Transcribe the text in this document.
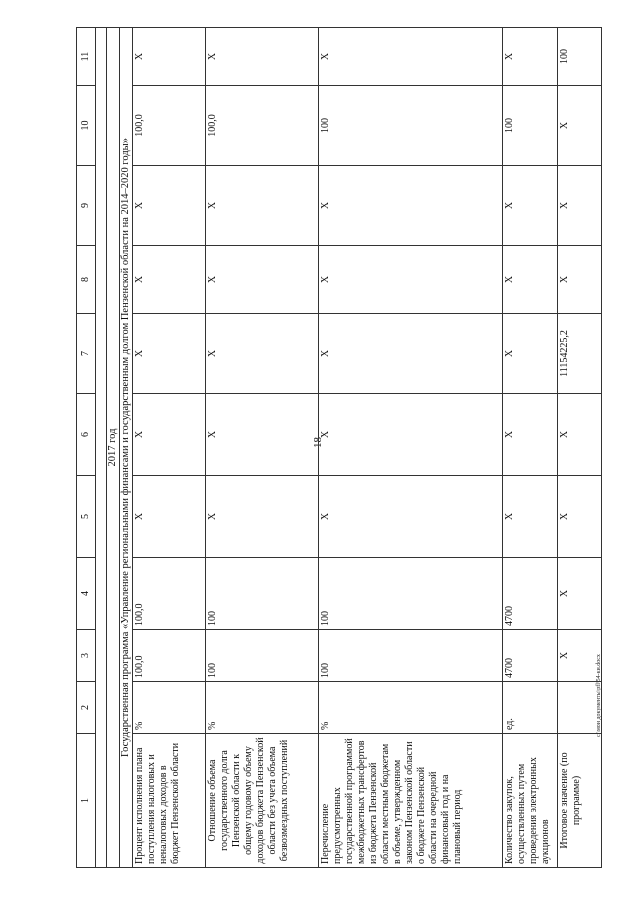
18
c:\мои документы\pfl\54-ки.docx
1	2	3	4	5	6	7	8	9	10	11

2017 год										
Государственная программа «Управление региональными финансами и государственным долгом Пензенской области на 2014–2020 годы»										
Процент исполнения плана поступления налоговых и неналоговых доходов в бюджет Пензенской области	%	100,0	100,0	Х	Х	Х	Х	Х	100,0	Х
Отношение объема государственного долга Пензенской области к общему годовому объему доходов бюджета Пензенской области без учета объема безвозмездных поступлений	%	100	100	Х	Х	Х	Х	Х	100,0	Х
Перечисление предусмотренных государственной программой межбюджетных трансфертов из бюджета Пензенской области местным бюджетам в объеме, утвержденном законом Пензенской области о бюджете Пензенской области на очередной финансовый год и на плановый период	%	100	100	Х	Х	Х	Х	Х	100	Х
Количество закупок, осуществленных путем проведения электронных аукционов	ед.	4700	4700	Х	Х	Х	Х	Х	100	Х
Итоговое значение (по программе)		Х	Х	Х	Х	11154225,2	Х	Х	Х	100
